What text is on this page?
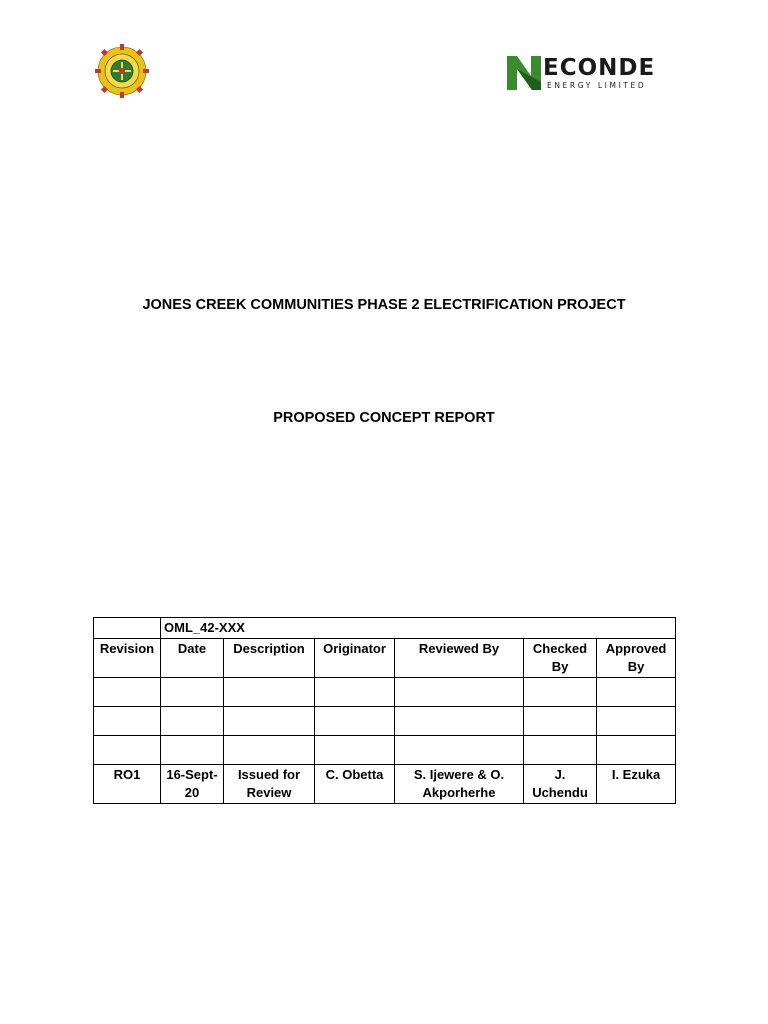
ECONDE
ENERGY LIMITED
JONES CREEK COMMUNITIES PHASE 2 ELECTRIFICATION PROJECT
PROPOSED CONCEPT REPORT
	OML_42-XXX					
Revision	Date	Description	Originator	Reviewed By	Checked By	Approved By

RO1	16-Sept-20	Issued for Review	C. Obetta	S. Ijewere & O. Akporherhe	J. Uchendu	I. Ezuka
